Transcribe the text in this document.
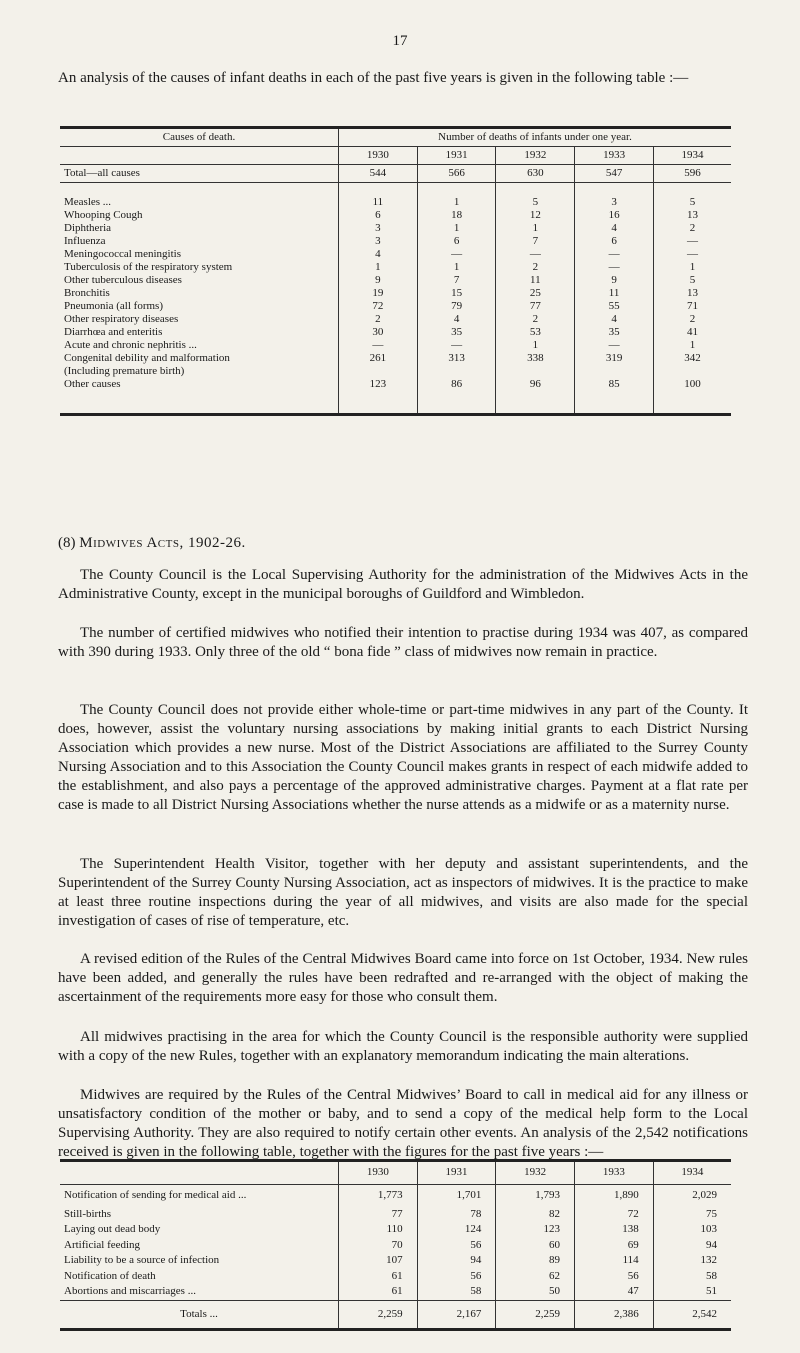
17

An analysis of the causes of infant deaths in each of the past five years is given in the following table :—

Causes of death.	Number of deaths of infants under one year.				
	1930	1931	1932	1933	1934
Total—all causes	544	566	630	547	596

Measles ...	11	1	5	3	5
Whooping Cough	6	18	12	16	13
Diphtheria	3	1	1	4	2
Influenza	3	6	7	6	—
Meningococcal meningitis	4	—	—	—	—
Tuberculosis of the respiratory system	1	1	2	—	1
Other tuberculous diseases	9	7	11	9	5
Bronchitis	19	15	25	11	13
Pneumonia (all forms)	72	79	77	55	71
Other respiratory diseases	2	4	2	4	2
Diarrhœa and enteritis	30	35	53	35	41
Acute and chronic nephritis ...	—	—	1	—	1
Congenital debility and malformation	261	313	338	319	342
(Including premature birth)					
Other causes	123	86	96	85	100

(8) Midwives Acts, 1902-26.

The County Council is the Local Supervising Authority for the administration of the Midwives Acts in the Administrative County, except in the municipal boroughs of Guildford and Wimbledon.

The number of certified midwives who notified their intention to practise during 1934 was 407, as compared with 390 during 1933. Only three of the old “ bona fide ” class of midwives now remain in practice.

The County Council does not provide either whole-time or part-time midwives in any part of the County. It does, however, assist the voluntary nursing associations by making initial grants to each District Nursing Association which provides a new nurse. Most of the District Associations are affiliated to the Surrey County Nursing Association and to this Association the County Council makes grants in respect of each midwife added to the establishment, and also pays a percentage of the approved administrative charges. Payment at a flat rate per case is made to all District Nursing Associations whether the nurse attends as a midwife or as a maternity nurse.

The Superintendent Health Visitor, together with her deputy and assistant superintendents, and the Superintendent of the Surrey County Nursing Association, act as inspectors of midwives. It is the practice to make at least three routine inspections during the year of all midwives, and visits are also made for the special investigation of cases of rise of temperature, etc.

A revised edition of the Rules of the Central Midwives Board came into force on 1st October, 1934. New rules have been added, and generally the rules have been redrafted and re-arranged with the object of making the ascertainment of the requirements more easy for those who consult them.

All midwives practising in the area for which the County Council is the responsible authority were supplied with a copy of the new Rules, together with an explanatory memorandum indicating the main alterations.

Midwives are required by the Rules of the Central Midwives’ Board to call in medical aid for any illness or unsatisfactory condition of the mother or baby, and to send a copy of the medical help form to the Local Supervising Authority. They are also required to notify certain other events. An analysis of the 2,542 notifications received is given in the following table, together with the figures for the past five years :—

	1930	1931	1932	1933	1934
Notification of sending for medical aid ...	1,773	1,701	1,793	1,890	2,029
Still-births	77	78	82	72	75
Laying out dead body	110	124	123	138	103
Artificial feeding	70	56	60	69	94
Liability to be a source of infection	107	94	89	114	132
Notification of death	61	56	62	56	58
Abortions and miscarriages ...	61	58	50	47	51
Totals ...	2,259	2,167	2,259	2,386	2,542
